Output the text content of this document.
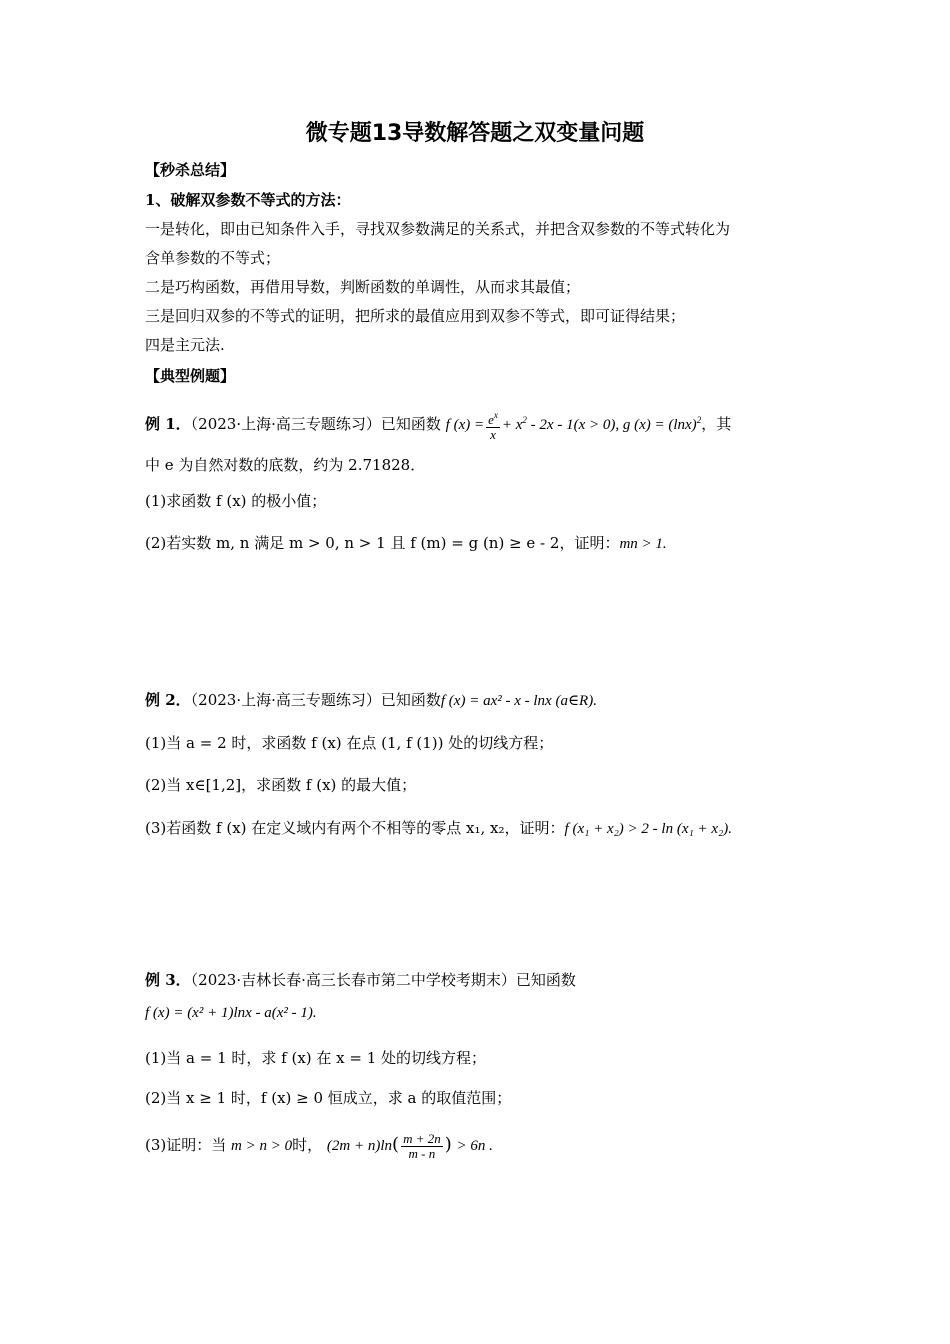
微专题13导数解答题之双变量问题
【秒杀总结】
1、破解双参数不等式的方法：
一是转化，即由已知条件入手，寻找双参数满足的关系式，并把含双参数的不等式转化为
含单参数的不等式；
二是巧构函数，再借用导数，判断函数的单调性，从而求其最值；
三是回归双参的不等式的证明，把所求的最值应用到双参不等式，即可证得结果；
四是主元法.
【典型例题】
例 1．（2023·上海·高三专题练习）已知函数 f $(x) = \frac{e^x}{x} + x^2 - 2x - 1(x > 0)$, g $(x) = (\ln x)^2$，其
中 e 为自然对数的底数，约为 2.71828．
(1)求函数 f (x) 的极小值；
(2)若实数 m, n 满足 m > 0, n > 1 且 f (m) = g (n) ≥ e - 2，证明：mn > 1.
例 2．（2023·上海·高三专题练习）已知函数f (x) = ax² - x - lnx (a∈R).
(1)当 a = 2 时，求函数 f (x) 在点 (1, f (1)) 处的切线方程；
(2)当 x∈[1,2]，求函数 f (x) 的最大值；
(3)若函数 f (x) 在定义域内有两个不相等的零点 x₁, x₂，证明：f (x₁ + x₂) > 2 - ln (x₁ + x₂).
例 3．（2023·吉林长春·高三长春市第二中学校考期末）已知函数
f (x) = (x² + 1)lnx - a(x² - 1).
(1)当 a = 1 时，求 f (x) 在 x = 1 处的切线方程；
(2)当 x ≥ 1 时，f (x) ≥ 0 恒成立，求 a 的取值范围；
(3)证明：当 m > n > 0时， $(2m + n)\ln( \frac{m + 2n}{m - n}$ ) > 6n .
